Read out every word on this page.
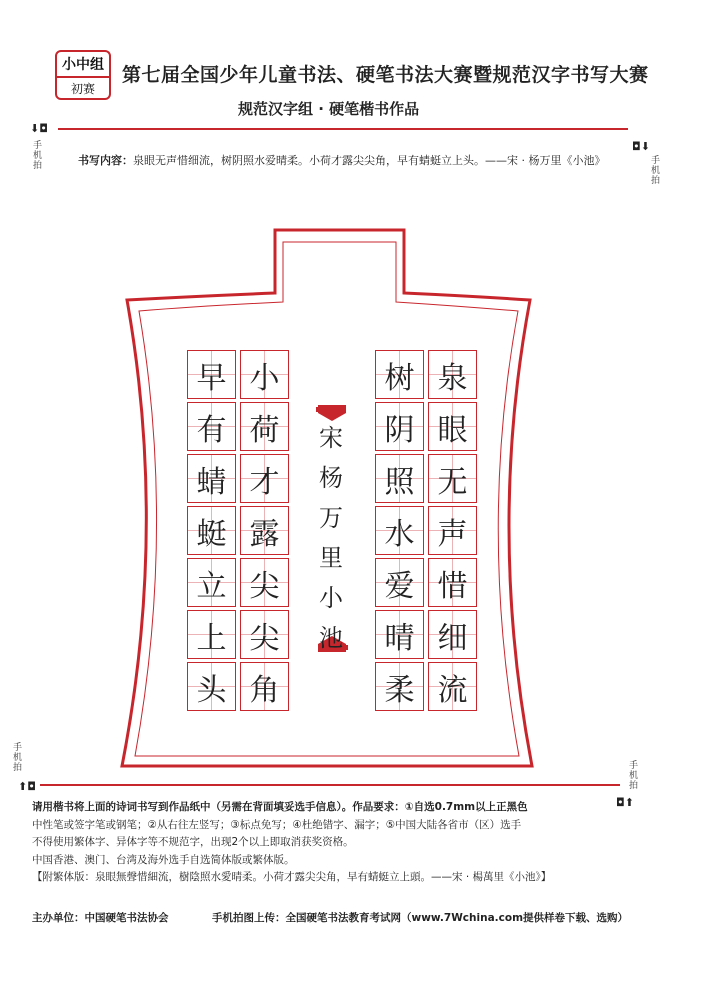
小中组
初赛
第七届全国少年儿童书法、硬笔书法大赛暨规范汉字书写大赛
规范汉字组 · 硬笔楷书作品
⬇◘
◘⬇
手机拍	手机拍
书写内容：泉眼无声惜细流，树阴照水爱晴柔。小荷才露尖尖角，早有蜻蜓立上头。——宋 · 杨万里《小池》
泉
眼
无
声
惜
细
流
树
阴
照
水
爱
晴
柔
宋杨万里小池
小
荷
才
露
尖
尖
角
早
有
蜻
蜓
立
上
头
手机拍
⬆◘	手机拍
◘⬆
请用楷书将上面的诗词书写到作品纸中（另需在背面填妥选手信息）。作品要求：①自选0.7mm以上正黑色
中性笔或签字笔或钢笔；②从右往左竖写；③标点免写；④杜绝错字、漏字；⑤中国大陆各省市（区）选手
不得使用繁体字、异体字等不规范字，出现2个以上即取消获奖资格。
中国香港、澳门、台湾及海外选手自选简体版或繁体版。
【附繁体版：泉眼無聲惜細流，樹陰照水愛晴柔。小荷才露尖尖角，早有蜻蜓立上頭。——宋 · 楊萬里《小池》】
主办单位：中国硬笔书法协会	手机拍图上传：全国硬笔书法教育考试网（www.7Wchina.com提供样卷下载、选购）
